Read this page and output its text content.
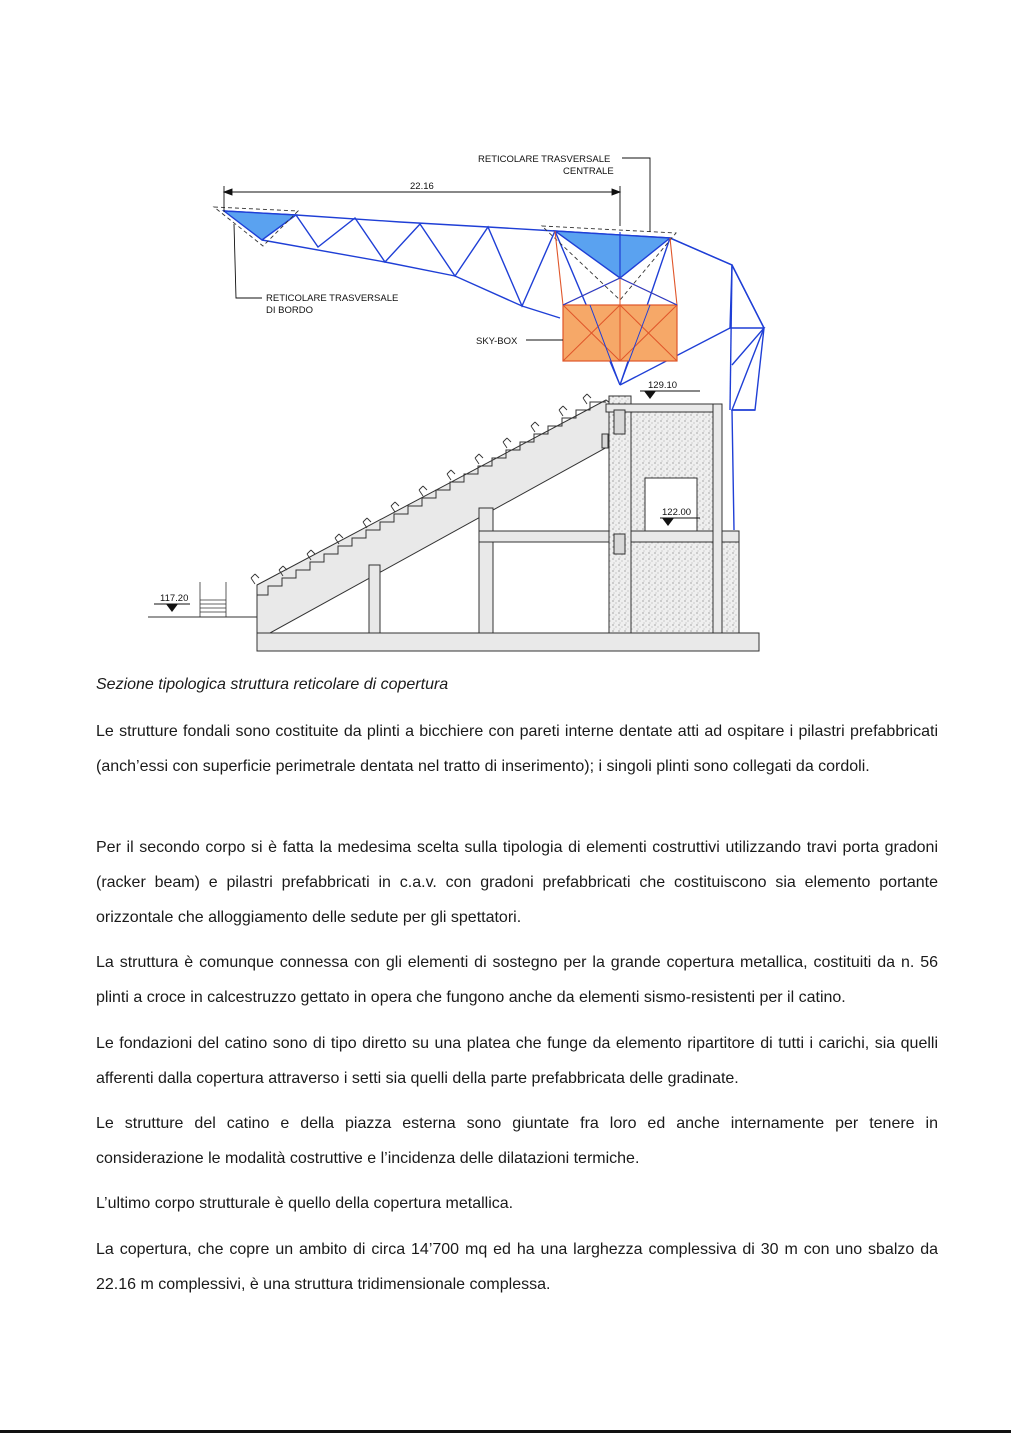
22.16
RETICOLARE TRASVERSALE
CENTRALE
RETICOLARE TRASVERSALE
DI BORDO
SKY-BOX
129.10
122.00
117.20
Sezione tipologica struttura reticolare di copertura

Le strutture fondali sono costituite da plinti a bicchiere con pareti interne dentate atti ad ospitare i pilastri prefabbricati (anch’essi con superficie perimetrale dentata nel tratto di inserimento); i singoli plinti sono collegati da cordoli.

Per il secondo corpo si è fatta la medesima scelta sulla tipologia di elementi costruttivi utilizzando travi porta gradoni (racker beam) e pilastri prefabbricati in c.a.v. con gradoni prefabbricati che costituiscono sia elemento portante orizzontale che alloggiamento delle sedute per gli spettatori.

La struttura è comunque connessa con gli elementi di sostegno per la grande copertura metallica, costituiti da n. 56 plinti a croce in calcestruzzo gettato in opera che fungono anche da elementi sismo-resistenti per il catino.

Le fondazioni del catino sono di tipo diretto su una platea che funge da elemento ripartitore di tutti i carichi, sia quelli afferenti dalla copertura attraverso i setti sia quelli della parte prefabbricata delle gradinate.

Le strutture del catino e della piazza esterna sono giuntate fra loro ed anche internamente per tenere in considerazione le modalità costruttive e l’incidenza delle dilatazioni termiche.

L’ultimo corpo strutturale è quello della copertura metallica.

La copertura, che copre un ambito di circa 14’700 mq ed ha una larghezza complessiva di 30 m con uno sbalzo da 22.16 m complessivi, è una struttura tridimensionale complessa.
